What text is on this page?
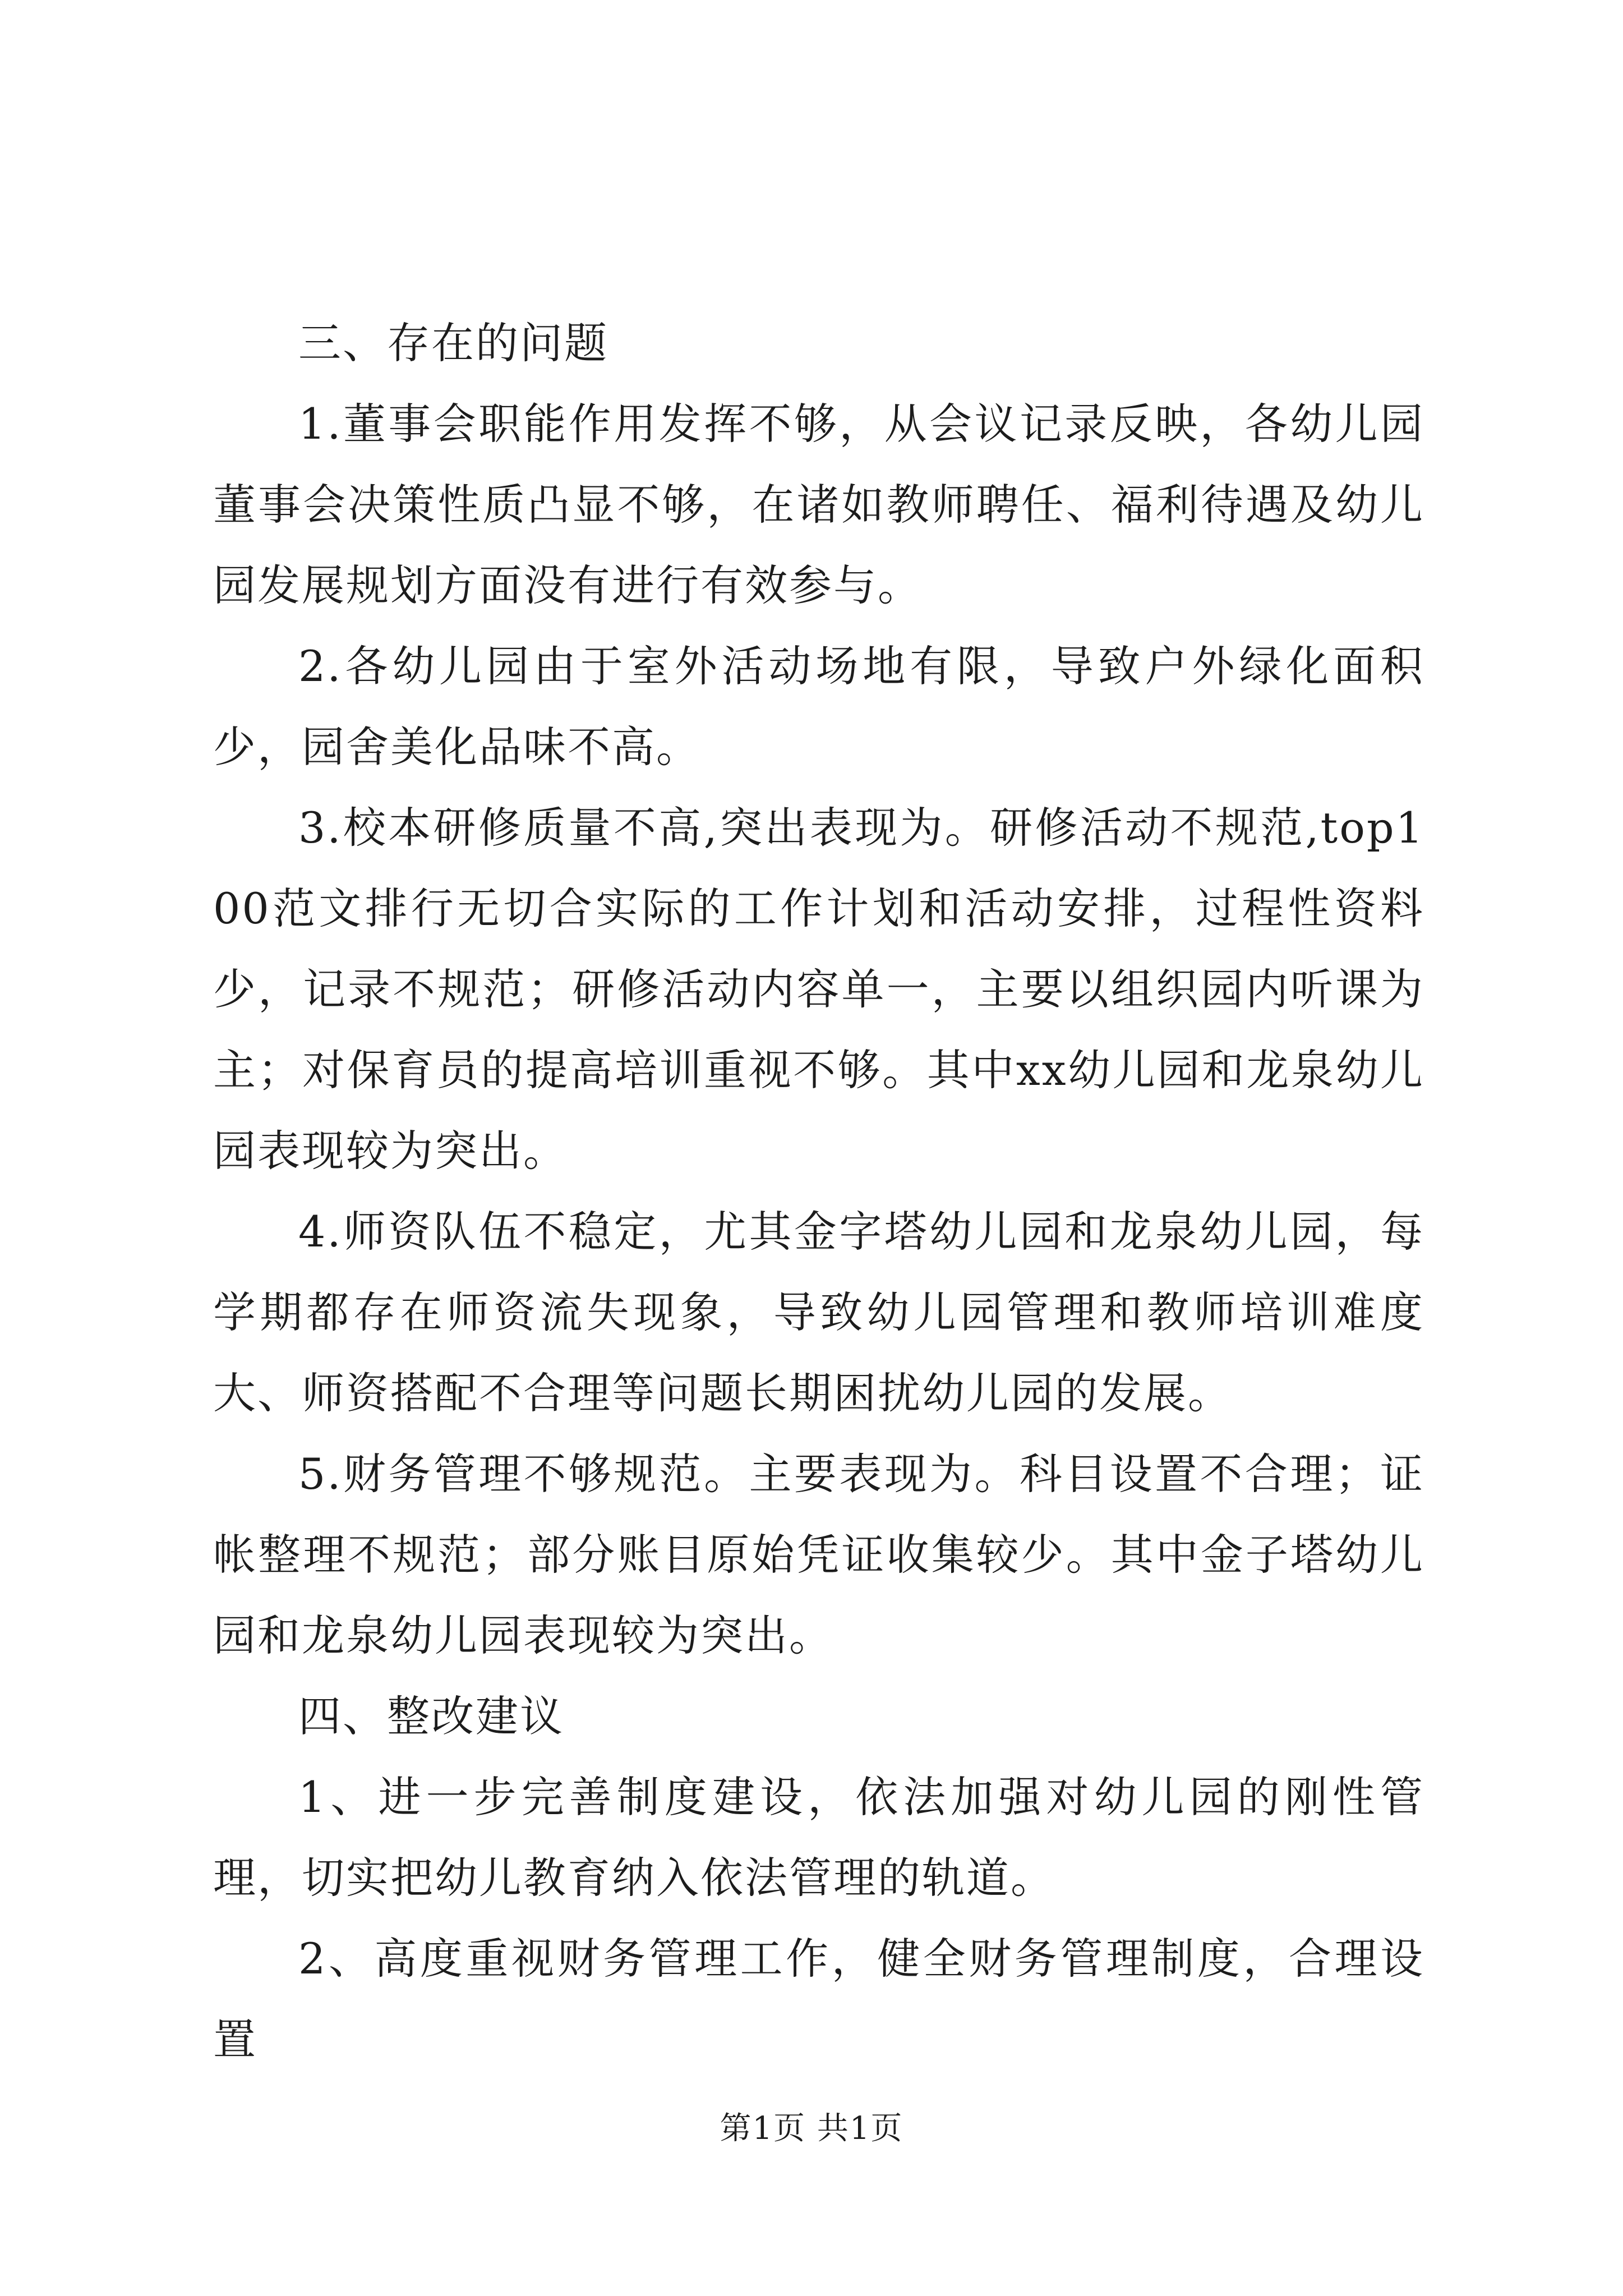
三、存在的问题

1.董事会职能作用发挥不够，从会议记录反映，各幼儿园董事会决策性质凸显不够，在诸如教师聘任、福利待遇及幼儿园发展规划方面没有进行有效参与。

2.各幼儿园由于室外活动场地有限，导致户外绿化面积少，园舍美化品味不高。

3.校本研修质量不高,突出表现为。研修活动不规范,top100范文排行无切合实际的工作计划和活动安排，过程性资料少，记录不规范；研修活动内容单一，主要以组织园内听课为主；对保育员的提高培训重视不够。其中xx幼儿园和龙泉幼儿园表现较为突出。

4.师资队伍不稳定，尤其金字塔幼儿园和龙泉幼儿园，每学期都存在师资流失现象，导致幼儿园管理和教师培训难度大、师资搭配不合理等问题长期困扰幼儿园的发展。

5.财务管理不够规范。主要表现为。科目设置不合理；证帐整理不规范；部分账目原始凭证收集较少。其中金子塔幼儿园和龙泉幼儿园表现较为突出。

四、整改建议

1、进一步完善制度建设，依法加强对幼儿园的刚性管理，切实把幼儿教育纳入依法管理的轨道。

2、高度重视财务管理工作，健全财务管理制度，合理设置

第1页 共1页
